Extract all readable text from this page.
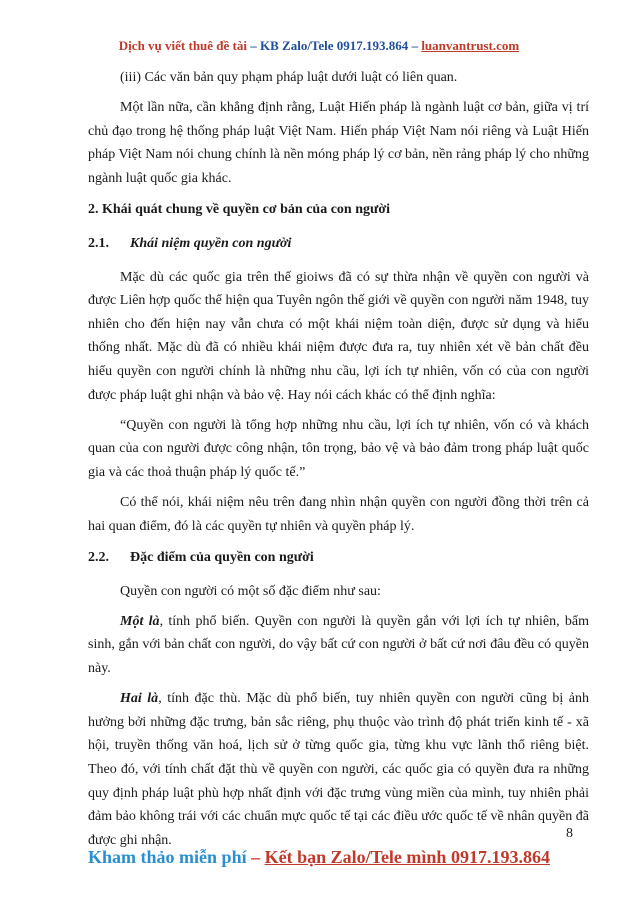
Dịch vụ viết thuê đề tài – KB Zalo/Tele 0917.193.864 – luanvantrust.com

(iii) Các văn bản quy phạm pháp luật dưới luật có liên quan.

Một lần nữa, cần khẳng định rằng, Luật Hiến pháp là ngành luật cơ bản, giữa vị trí chủ đạo trong hệ thống pháp luật Việt Nam. Hiến pháp Việt Nam nói riêng và Luật Hiến pháp Việt Nam nói chung chính là nền móng pháp lý cơ bản, nền rảng pháp lý cho những ngành luật quốc gia khác.

2. Khái quát chung về quyền cơ bản của con người
2.1. Khái niệm quyền con người

Mặc dù các quốc gia trên thế gioiws đã có sự thừa nhận về quyền con người và được Liên hợp quốc thể hiện qua Tuyên ngôn thế giới về quyền con người năm 1948, tuy nhiên cho đến hiện nay vẫn chưa có một khái niệm toàn diện, được sử dụng và hiểu thống nhất. Mặc dù đã có nhiều khái niệm được đưa ra, tuy nhiên xét về bản chất đều hiểu quyền con người chính là những nhu cầu, lợi ích tự nhiên, vốn có của con người được pháp luật ghi nhận và bảo vệ. Hay nói cách khác có thể định nghĩa:

“Quyền con người là tổng hợp những nhu cầu, lợi ích tự nhiên, vốn có và khách quan của con người được công nhận, tôn trọng, bảo vệ và bảo đảm trong pháp luật quốc gia và các thoả thuận pháp lý quốc tế.”

Có thể nói, khái niệm nêu trên đang nhìn nhận quyền con người đồng thời trên cả hai quan điểm, đó là các quyền tự nhiên và quyền pháp lý.

2.2. Đặc điểm của quyền con người

Quyền con người có một số đặc điểm như sau:

Một là, tính phổ biến. Quyền con người là quyền gắn với lợi ích tự nhiên, bẩm sinh, gắn với bản chất con người, do vậy bất cứ con người ở bất cứ nơi đâu đều có quyền này.

Hai là, tính đặc thù. Mặc dù phổ biến, tuy nhiên quyền con người cũng bị ảnh hưởng bởi những đặc trưng, bản sắc riêng, phụ thuộc vào trình độ phát triển kinh tế - xã hội, truyền thống văn hoá, lịch sử ở từng quốc gia, từng khu vực lãnh thổ riêng biệt. Theo đó, với tính chất đặt thù về quyền con người, các quốc gia có quyền đưa ra những quy định pháp luật phù hợp nhất định với đặc trưng vùng miền của mình, tuy nhiên phải đảm bảo không trái với các chuẩn mực quốc tế tại các điều ước quốc tế về nhân quyền đã được ghi nhận.	8
Kham thảo miễn phí – Kết bạn Zalo/Tele mình 0917.193.864
